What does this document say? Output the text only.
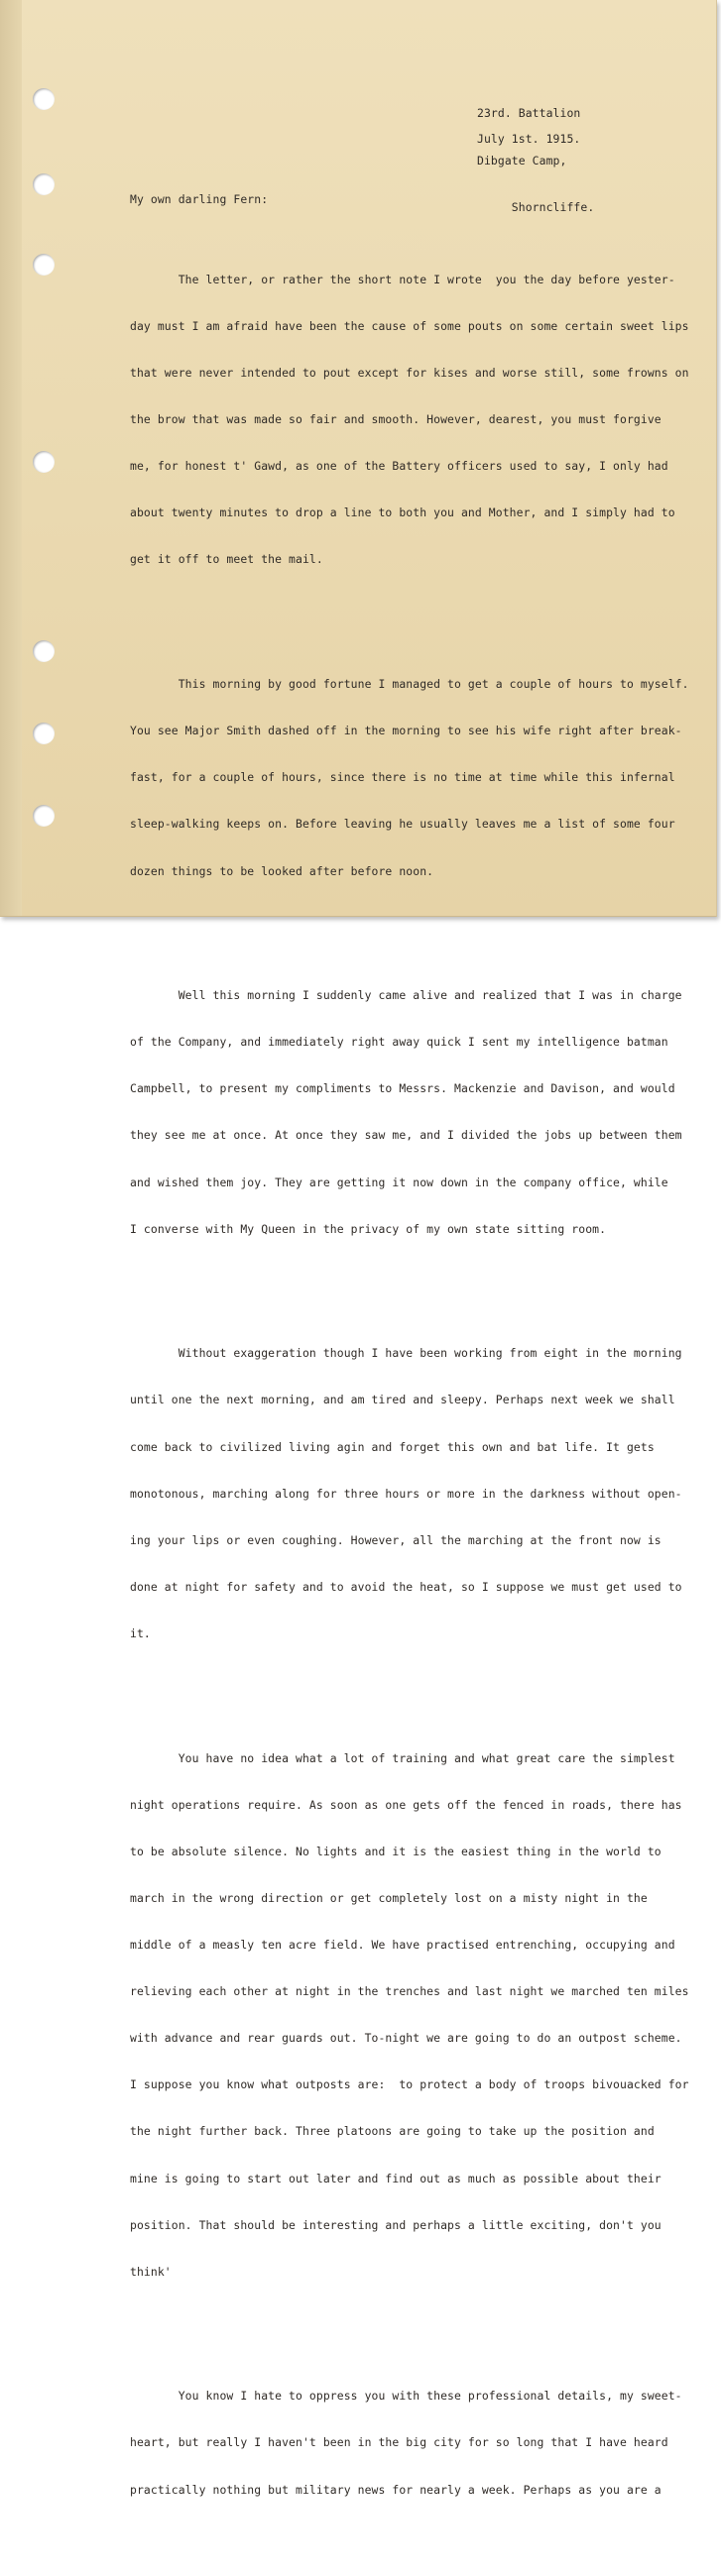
23rd. Battalion

Dibgate Camp,

Shorncliffe.

July 1st. 1915.
My own darling Fern:

The letter, or rather the short note I wrote  you the day before yester-

day must I am afraid have been the cause of some pouts on some certain sweet lips

that were never intended to pout except for kises and worse still, some frowns on

the brow that was made so fair and smooth. However, dearest, you must forgive

me, for honest t' Gawd, as one of the Battery officers used to say, I only had

about twenty minutes to drop a line to both you and Mother, and I simply had to

get it off to meet the mail.

This morning by good fortune I managed to get a couple of hours to myself.

You see Major Smith dashed off in the morning to see his wife right after break-

fast, for a couple of hours, since there is no time at time while this infernal

sleep-walking keeps on. Before leaving he usually leaves me a list of some four

dozen things to be looked after before noon.

Well this morning I suddenly came alive and realized that I was in charge

of the Company, and immediately right away quick I sent my intelligence batman

Campbell, to present my compliments to Messrs. Mackenzie and Davison, and would

they see me at once. At once they saw me, and I divided the jobs up between them

and wished them joy. They are getting it now down in the company office, while

I converse with My Queen in the privacy of my own state sitting room.

Without exaggeration though I have been working from eight in the morning

until one the next morning, and am tired and sleepy. Perhaps next week we shall

come back to civilized living agin and forget this own and bat life. It gets

monotonous, marching along for three hours or more in the darkness without open-

ing your lips or even coughing. However, all the marching at the front now is

done at night for safety and to avoid the heat, so I suppose we must get used to

it.

You have no idea what a lot of training and what great care the simplest

night operations require. As soon as one gets off the fenced in roads, there has

to be absolute silence. No lights and it is the easiest thing in the world to

march in the wrong direction or get completely lost on a misty night in the

middle of a measly ten acre field. We have practised entrenching, occupying and

relieving each other at night in the trenches and last night we marched ten miles

with advance and rear guards out. To-night we are going to do an outpost scheme.

I suppose you know what outposts are:  to protect a body of troops bivouacked for

the night further back. Three platoons are going to take up the position and

mine is going to start out later and find out as much as possible about their

position. That should be interesting and perhaps a little exciting, don't you

think'

You know I hate to oppress you with these professional details, my sweet-

heart, but really I haven't been in the big city for so long that I have heard

practically nothing but military news for nearly a week. Perhaps as you are a
